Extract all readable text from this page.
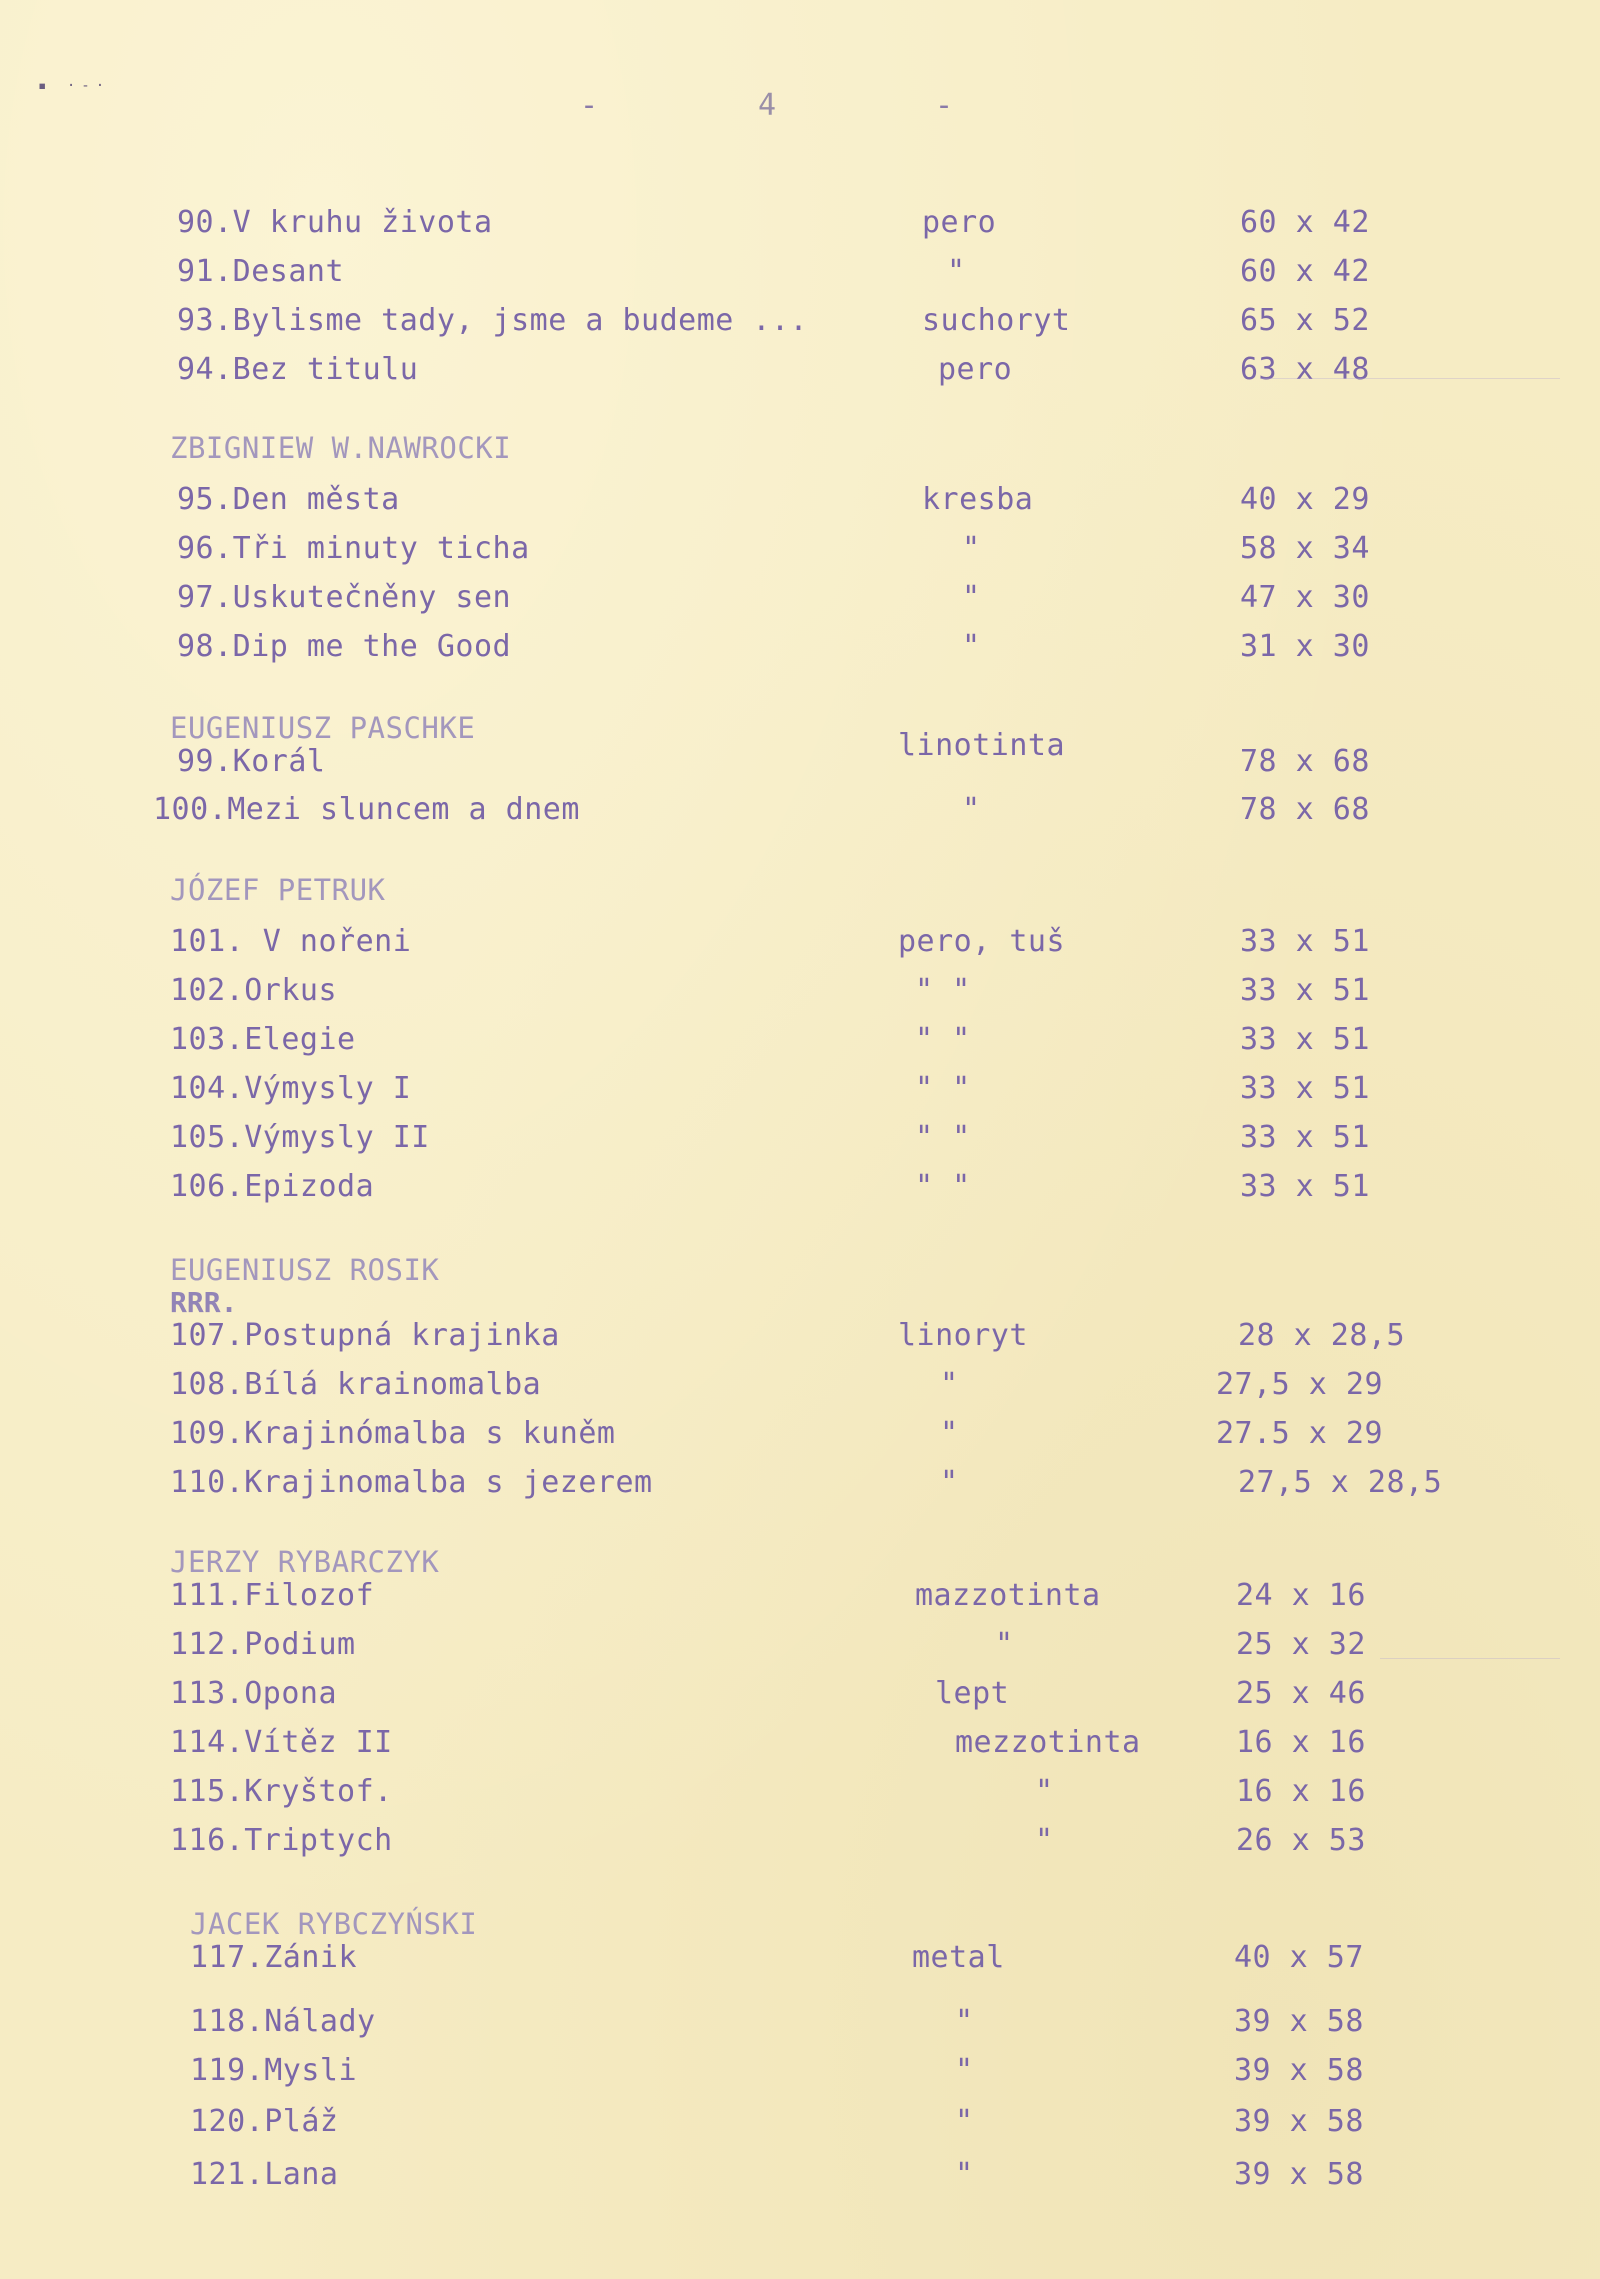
▪ ·-·
-	4	-
90.V kruhu života	pero	60 x 42
91.Desant	"	60 x 42
93.Bylisme tady, jsme a budeme ...	suchoryt	65 x 52
94.Bez titulu	pero	63 x 48
ZBIGNIEW W.NAWROCKI
95.Den města	kresba	40 x 29
96.Tři minuty ticha	"	58 x 34
97.Uskutečněny sen	"	47 x 30
98.Dip me the Good	"	31 x 30
EUGENIUSZ PASCHKE
99.Korál	linotinta	78 x 68
100.Mezi sluncem a dnem	"	78 x 68
JÓZEF PETRUK
101. V nořeni	pero, tuš	33 x 51
102.Orkus	" "	33 x 51
103.Elegie	" "	33 x 51
104.Výmysly I	" "	33 x 51
105.Výmysly II	" "	33 x 51
106.Epizoda	" "	33 x 51
EUGENIUSZ ROSIK
RRR.
107.Postupná krajinka	linoryt	28 x 28,5
108.Bílá krainomalba	"	27,5 x 29
109.Krajinómalba s kuněm	"	27.5 x 29
110.Krajinomalba s jezerem	"	27,5 x 28,5
JERZY RYBARCZYK
111.Filozof	mazzotinta	24 x 16
112.Podium	"	25 x 32
113.Opona	lept	25 x 46
114.Vítěz II	mezzotinta	16 x 16
115.Kryštof.	"	16 x 16
116.Triptych	"	26 x 53
JACEK RYBCZYŃSKI
117.Zánik	metal	40 x 57
118.Nálady	"	39 x 58
119.Mysli	"	39 x 58
120.Pláž	"	39 x 58
121.Lana	"	39 x 58
